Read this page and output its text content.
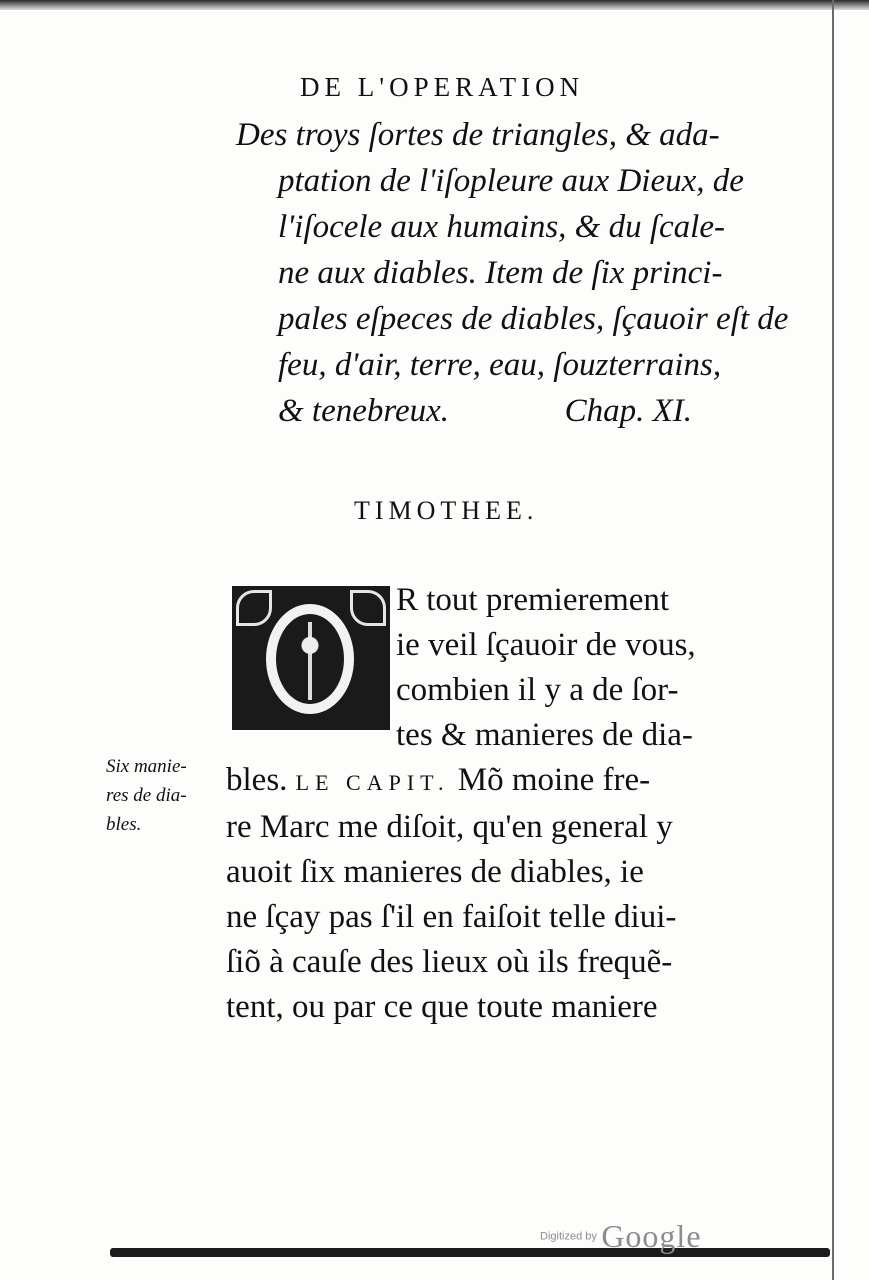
DE L'OPERATION
Des troys ſortes de triangles, & ada-
ptation de l'iſopleure aux Dieux, de
l'iſocele aux humains, & du ſcale-
ne aux diables. Item de ſix princi-
pales eſpeces de diables, ſçauoir eſt de
feu, d'air, terre, eau, ſouzterrains,
& tenebreux.	Chap. XI.
TIMOTHEE.
R tout premierement
ie veil ſçauoir de vous,
combien il y a de ſor-
tes & manieres de dia-
bles. LE CAPIT. Mõ moine fre-
re Marc me diſoit, qu'en general y
auoit ſix manieres de diables, ie
ne ſçay pas ſ'il en faiſoit telle diui-
ſiõ à cauſe des lieux où ils frequẽ-
tent, ou par ce que toute maniere
Six manie-
res de dia-
bles.
Digitized by Google
